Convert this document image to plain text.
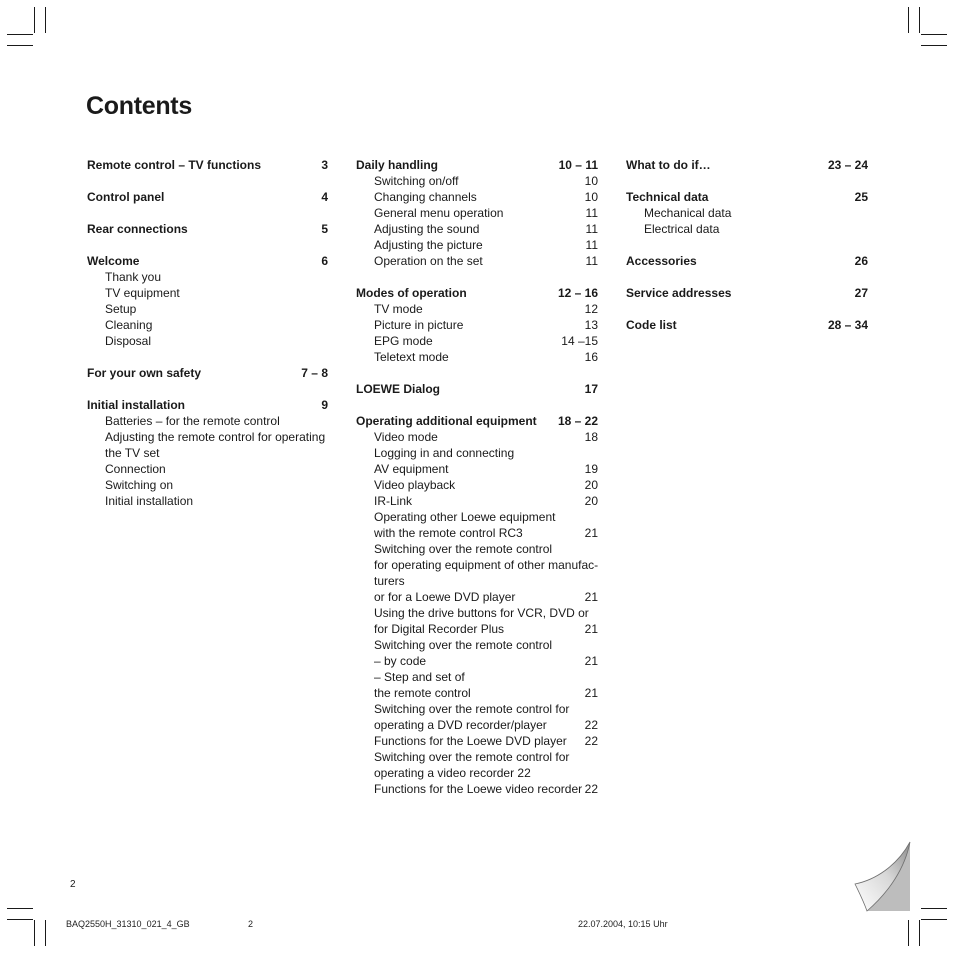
Contents
Remote control – TV functions	3
Control panel	4
Rear connections	5
Welcome	6
Thank you
TV equipment
Setup
Cleaning
Disposal
For your own safety	7 – 8
Initial installation	9
Batteries – for the remote control
Adjusting the remote control for operating
the TV set
Connection
Switching on
Initial installation
Daily handling	10 – 11
Switching on/off	10
Changing channels	10
General menu operation	11
Adjusting the sound	11
Adjusting the picture	11
Operation on the set	11
Modes of operation	12 – 16
TV mode	12
Picture in picture	13
EPG mode	14 –15
Teletext mode	16
LOEWE Dialog	17
Operating additional equipment 18 – 22
Video mode	18
Logging in and connecting
AV equipment	19
Video playback	20
IR-Link	20
Operating other Loewe equipment
with the remote control RC3	21
Switching over the remote control
for operating equipment of other manufac-
turers
or for a Loewe DVD player	21
Using the drive buttons for VCR, DVD or
for Digital Recorder Plus	21
Switching over the remote control
– by code	21
– Step and set of
the remote control	21
Switching over the remote control for
operating a DVD recorder/player	22
Functions for the Loewe DVD player 22
Switching over the remote control for
operating a video recorder 22
Functions for the Loewe video recorder 22
What to do if…	23 – 24
Technical data	25
Mechanical data
Electrical data
Accessories	26
Service addresses	27
Code list	28 – 34
2
BAQ2550H_31310_021_4_GB	2	22.07.2004, 10:15 Uhr
